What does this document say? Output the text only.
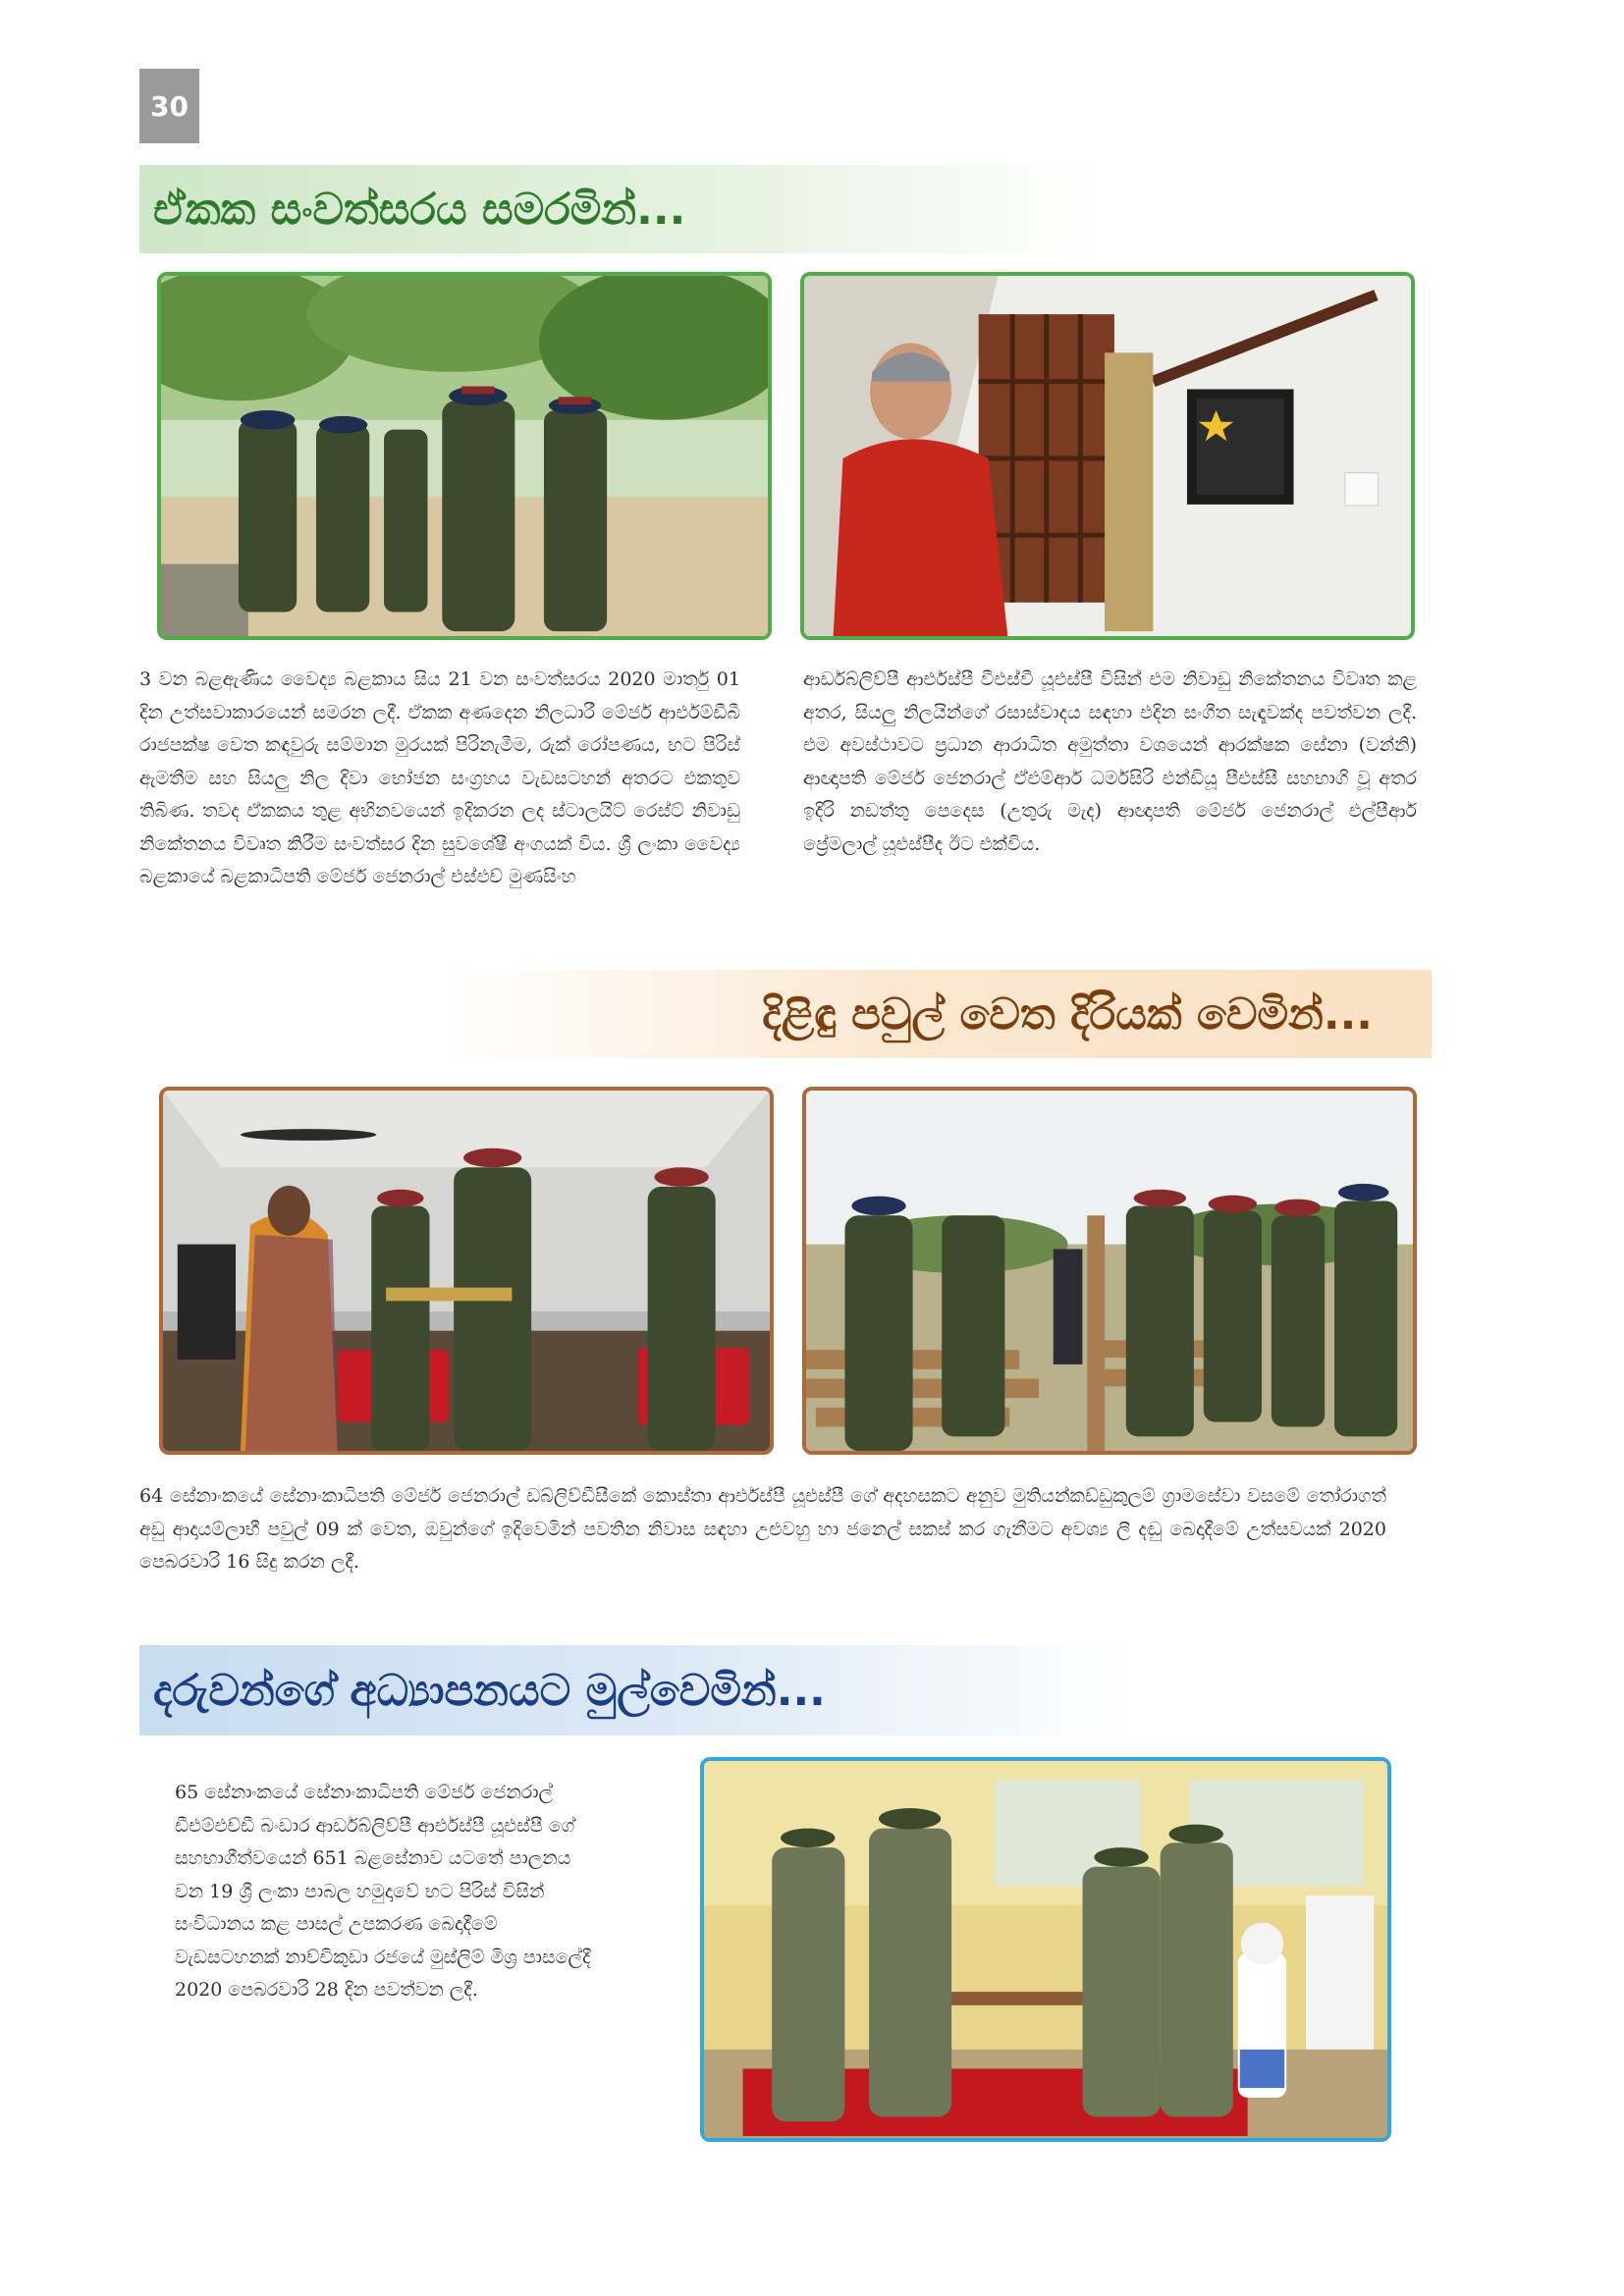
30
ඒකක සංවත්සරය සමරමින්...
3 වන බළඇණිය වෛද්‍ය බළකාය සිය 21 වන සංවත්සරය 2020 මාර්තු 01 දින උත්සවාකාරයෙන් සමරන ලදී. ඒකක අණදෙන නිලධාරී මේජර් ආර්එම්ඩීබී රාජපක්ෂ වෙත කඳවුරු සම්මාන මුරයක් පිරිනැමීම, රුක් රෝපණය, භට පිරිස් ඇමතීම සහ සියලු නිල දිවා භෝජන සංග්‍රහය වැඩසටහන් අතරට එකතුව තිබිණ. තවද ඒකකය තුළ අභිනවයෙන් ඉදිකරන ලද ස්ටාලයිට් රෙස්ට් නිවාඩු නිකේතනය විවෘත කිරීම සංවත්සර දින සුවශේෂී අංගයක් විය. ශ්‍රී ලංකා වෛද්‍ය බළකායේ බළකාධිපති මේජර් ජෙනරාල් එස්එච් මුණසිංහ
ආර්ඩබ්ලිව්පී ආර්එස්පී වීඑස්වී යූඑස්පී විසින් එම නිවාඩු නිකේතනය විවෘත කළ අතර, සියලු නිලයින්ගේ රසාස්වාදය සඳහා එදින සංගීත සැඳෑවක්ද පවත්වන ලදී. එම අවස්ථාවට ප්‍රධාන ආරාධිත අමුත්තා වශයෙන් ආරක්ෂක සේනා (වන්නි) ආඥාපති මේජර් ජෙනරාල් ඒඑම්ආර් ධර්මසිරි එන්ඩියූ පීඑස්සී සහභාගි වූ අතර ඉදිරි නඩත්තු පෙදෙස (උතුරු මැද) ආඥාපති මේජර් ජෙනරාල් එල්පීආර් ප්‍රේමලාල් යූඑස්පීද ඊට එක්විය.
දිළිඳු පවුල් වෙත දිරියක් වෙමින්...
64 සේනාංකයේ සේනාංකාධිපති මේජර් ජෙනරාල් ඩබ්ලිව්ඩීසීකේ කොස්තා ආර්එස්පී යූඑස්පී ගේ අදහසකට අනුව මුතියන්කඩ්ඩුකුලම් ග්‍රාමසේවා වසමේ තෝරාගත් අඩු ආදායම්ලාභී පවුල් 09 ක් වෙත, ඔවුන්ගේ ඉදිවෙමින් පවතින නිවාස සඳහා උළුවහු හා ජනෙල් සකස් කර ගැනීමට අවශ්‍ය ලී දඬු බෙදාදීමේ උත්සවයක් 2020 පෙබරවාරි 16 සිදු කරන ලදී.
දරුවන්ගේ අධ්‍යාපනයට මුල්වෙමින්...
65 සේනාංකයේ සේනාංකාධිපති මේජර් ජෙනරාල් ඩීඑම්එච්ඩී බංඩාර ආර්ඩබ්ලිව්පී ආර්එස්පී යූඑස්පී ගේ සහභාගීත්වයෙන් 651 බළසේනාව යටතේ පාලනය වන 19 ශ්‍රී ලංකා පාබල හමුදාවේ භට පිරිස් විසින් සංවිධානය කළ පාසල් උපකරණ බෙදාදීමේ වැඩසටහනක් නාච්චිකුඩා රජයේ මුස්ලිම් මිශ්‍ර පාසලේදී 2020 පෙබරවාරි 28 දින පවත්වන ලදී.
